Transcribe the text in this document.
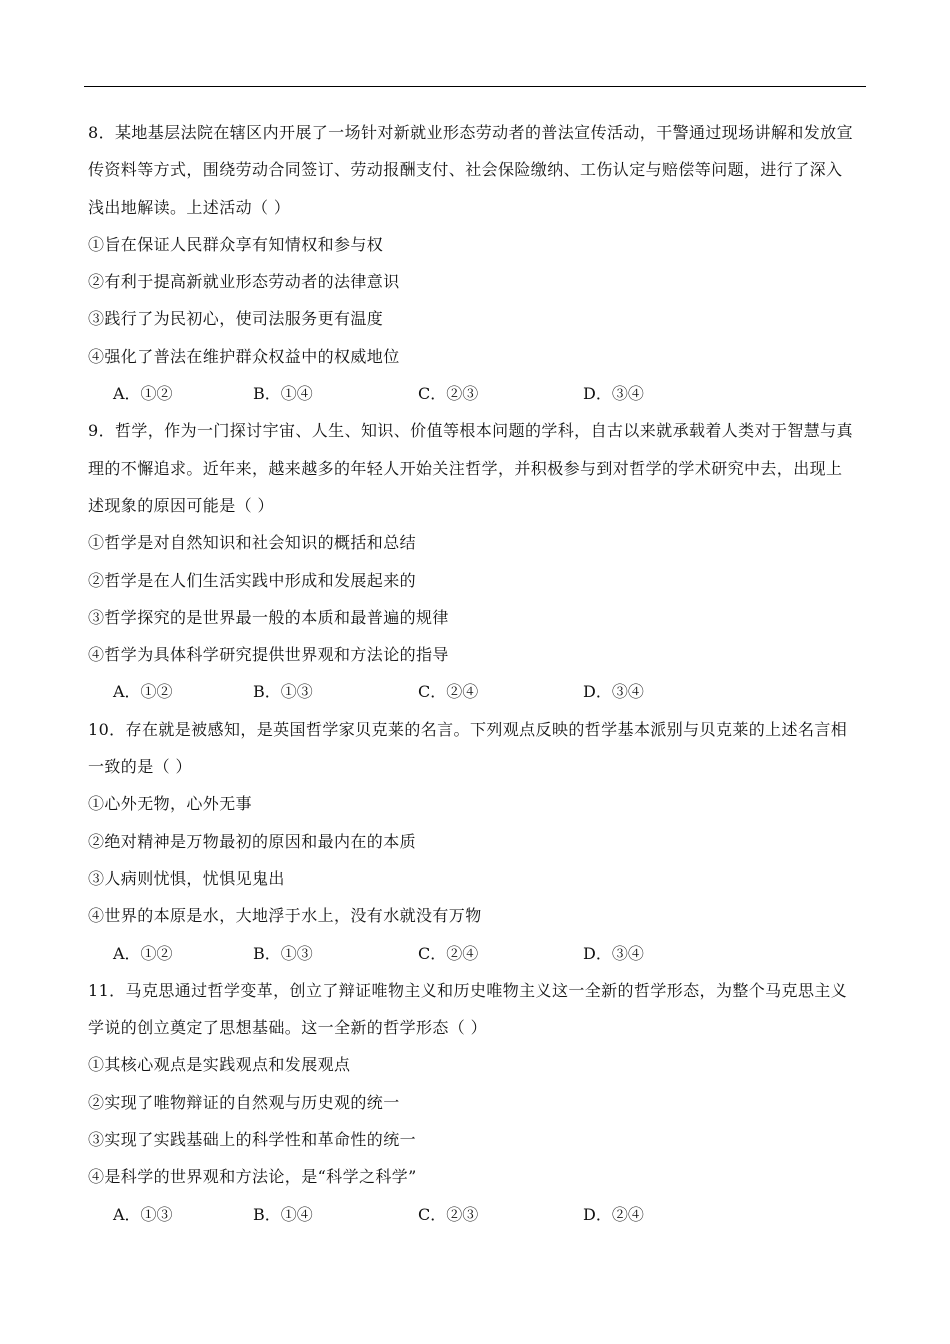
8．某地基层法院在辖区内开展了一场针对新就业形态劳动者的普法宣传活动，干警通过现场讲解和发放宣
传资料等方式，围绕劳动合同签订、劳动报酬支付、社会保险缴纳、工伤认定与赔偿等问题，进行了深入
浅出地解读。上述活动（ ）
①旨在保证人民群众享有知情权和参与权
②有利于提高新就业形态劳动者的法律意识
③践行了为民初心，使司法服务更有温度
④强化了普法在维护群众权益中的权威地位
A．①②	B．①④	C．②③	D．③④
9．哲学，作为一门探讨宇宙、人生、知识、价值等根本问题的学科，自古以来就承载着人类对于智慧与真
理的不懈追求。近年来，越来越多的年轻人开始关注哲学，并积极参与到对哲学的学术研究中去，出现上
述现象的原因可能是（ ）
①哲学是对自然知识和社会知识的概括和总结
②哲学是在人们生活实践中形成和发展起来的
③哲学探究的是世界最一般的本质和最普遍的规律
④哲学为具体科学研究提供世界观和方法论的指导
A．①②	B．①③	C．②④	D．③④
10．存在就是被感知，是英国哲学家贝克莱的名言。下列观点反映的哲学基本派别与贝克莱的上述名言相
一致的是（ ）
①心外无物，心外无事
②绝对精神是万物最初的原因和最内在的本质
③人病则忧惧，忧惧见鬼出
④世界的本原是水，大地浮于水上，没有水就没有万物
A．①②	B．①③	C．②④	D．③④
11．马克思通过哲学变革，创立了辩证唯物主义和历史唯物主义这一全新的哲学形态，为整个马克思主义
学说的创立奠定了思想基础。这一全新的哲学形态（ ）
①其核心观点是实践观点和发展观点
②实现了唯物辩证的自然观与历史观的统一
③实现了实践基础上的科学性和革命性的统一
④是科学的世界观和方法论，是“科学之科学”
A．①③	B．①④	C．②③	D．②④
